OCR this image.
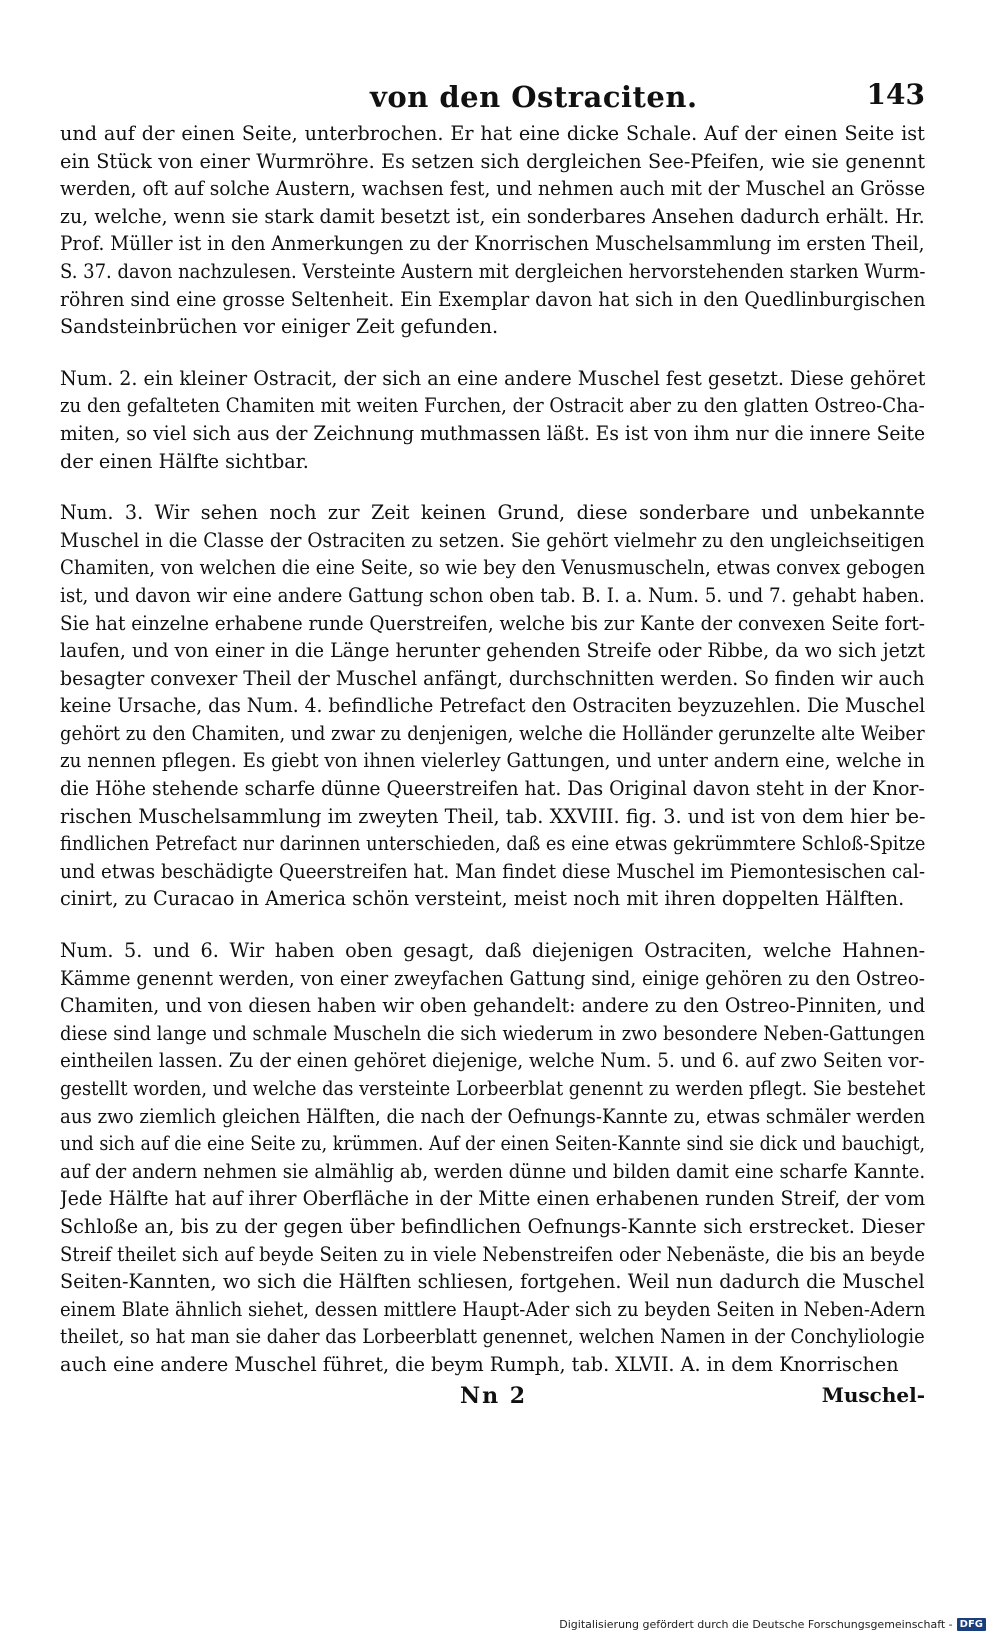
von den Ostraciten.	143

und auf der einen Seite, unterbrochen. Er hat eine dicke Schale. Auf der einen Seite ist
ein Stück von einer Wurmröhre. Es setzen sich dergleichen See-Pfeifen, wie sie genennt
werden, oft auf solche Austern, wachsen fest, und nehmen auch mit der Muschel an Grösse
zu, welche, wenn sie stark damit besetzt ist, ein sonderbares Ansehen dadurch erhält. Hr.
Prof. Müller ist in den Anmerkungen zu der Knorrischen Muschelsammlung im ersten Theil,
S. 37. davon nachzulesen. Versteinte Austern mit dergleichen hervorstehenden starken Wurm-
röhren sind eine grosse Seltenheit. Ein Exemplar davon hat sich in den Quedlinburgischen
Sandsteinbrüchen vor einiger Zeit gefunden.

Num. 2. ein kleiner Ostracit, der sich an eine andere Muschel fest gesetzt. Diese gehöret
zu den gefalteten Chamiten mit weiten Furchen, der Ostracit aber zu den glatten Ostreo-Cha-
miten, so viel sich aus der Zeichnung muthmassen läßt. Es ist von ihm nur die innere Seite
der einen Hälfte sichtbar.

Num. 3. Wir sehen noch zur Zeit keinen Grund, diese sonderbare und unbekannte
Muschel in die Classe der Ostraciten zu setzen. Sie gehört vielmehr zu den ungleichseitigen
Chamiten, von welchen die eine Seite, so wie bey den Venusmuscheln, etwas convex gebogen
ist, und davon wir eine andere Gattung schon oben tab. B. I. a. Num. 5. und 7. gehabt haben.
Sie hat einzelne erhabene runde Querstreifen, welche bis zur Kante der convexen Seite fort-
laufen, und von einer in die Länge herunter gehenden Streife oder Ribbe, da wo sich jetzt
besagter convexer Theil der Muschel anfängt, durchschnitten werden. So finden wir auch
keine Ursache, das Num. 4. befindliche Petrefact den Ostraciten beyzuzehlen. Die Muschel
gehört zu den Chamiten, und zwar zu denjenigen, welche die Holländer gerunzelte alte Weiber
zu nennen pflegen. Es giebt von ihnen vielerley Gattungen, und unter andern eine, welche in
die Höhe stehende scharfe dünne Queerstreifen hat. Das Original davon steht in der Knor-
rischen Muschelsammlung im zweyten Theil, tab. XXVIII. fig. 3. und ist von dem hier be-
findlichen Petrefact nur darinnen unterschieden, daß es eine etwas gekrümmtere Schloß-Spitze
und etwas beschädigte Queerstreifen hat. Man findet diese Muschel im Piemontesischen cal-
cinirt, zu Curacao in America schön versteint, meist noch mit ihren doppelten Hälften.

Num. 5. und 6. Wir haben oben gesagt, daß diejenigen Ostraciten, welche Hahnen-
Kämme genennt werden, von einer zweyfachen Gattung sind, einige gehören zu den Ostreo-
Chamiten, und von diesen haben wir oben gehandelt: andere zu den Ostreo-Pinniten, und
diese sind lange und schmale Muscheln die sich wiederum in zwo besondere Neben-Gattungen
eintheilen lassen. Zu der einen gehöret diejenige, welche Num. 5. und 6. auf zwo Seiten vor-
gestellt worden, und welche das versteinte Lorbeerblat genennt zu werden pflegt. Sie bestehet
aus zwo ziemlich gleichen Hälften, die nach der Oefnungs-Kannte zu, etwas schmäler werden
und sich auf die eine Seite zu, krümmen. Auf der einen Seiten-Kannte sind sie dick und bauchigt,
auf der andern nehmen sie almählig ab, werden dünne und bilden damit eine scharfe Kannte.
Jede Hälfte hat auf ihrer Oberfläche in der Mitte einen erhabenen runden Streif, der vom
Schloße an, bis zu der gegen über befindlichen Oefnungs-Kannte sich erstrecket. Dieser
Streif theilet sich auf beyde Seiten zu in viele Nebenstreifen oder Nebenäste, die bis an beyde
Seiten-Kannten, wo sich die Hälften schliesen, fortgehen. Weil nun dadurch die Muschel
einem Blate ähnlich siehet, dessen mittlere Haupt-Ader sich zu beyden Seiten in Neben-Adern
theilet, so hat man sie daher das Lorbeerblatt genennet, welchen Namen in der Conchyliologie
auch eine andere Muschel führet, die beym Rumph, tab. XLVII. A. in dem Knorrischen

Nn 2	Muschel-
Digitalisierung gefördert durch die Deutsche Forschungsgemeinschaft - DFG
